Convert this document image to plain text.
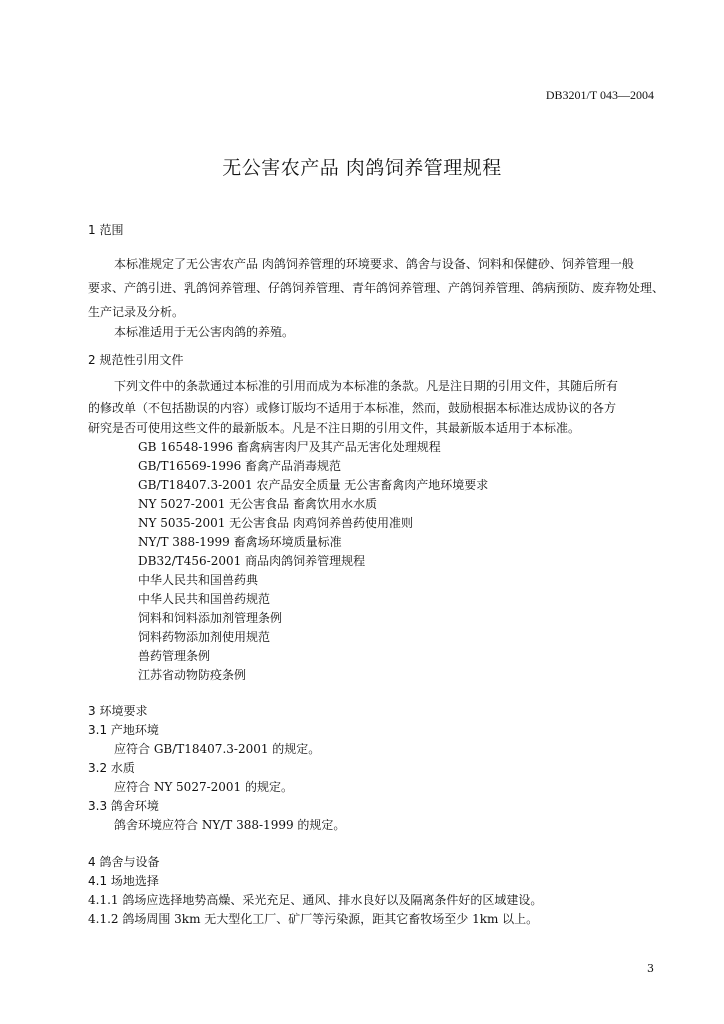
DB3201/T 043—2004
无公害农产品 肉鸽饲养管理规程
1 范围
本标准规定了无公害农产品 肉鸽饲养管理的环境要求、鸽舍与设备、饲料和保健砂、饲养管理一般
要求、产鸽引进、乳鸽饲养管理、仔鸽饲养管理、青年鸽饲养管理、产鸽饲养管理、鸽病预防、废弃物处理、
生产记录及分析。
本标准适用于无公害肉鸽的养殖。
2 规范性引用文件
下列文件中的条款通过本标准的引用而成为本标准的条款。凡是注日期的引用文件，其随后所有
的修改单（不包括勘误的内容）或修订版均不适用于本标准，然而，鼓励根据本标准达成协议的各方
研究是否可使用这些文件的最新版本。凡是不注日期的引用文件，其最新版本适用于本标准。
GB 16548-1996 畜禽病害肉尸及其产品无害化处理规程
GB/T16569-1996 畜禽产品消毒规范
GB/T18407.3-2001 农产品安全质量 无公害畜禽肉产地环境要求
NY 5027-2001 无公害食品 畜禽饮用水水质
NY 5035-2001 无公害食品 肉鸡饲养兽药使用准则
NY/T 388-1999 畜禽场环境质量标准
DB32/T456-2001 商品肉鸽饲养管理规程
中华人民共和国兽药典
中华人民共和国兽药规范
饲料和饲料添加剂管理条例
饲料药物添加剂使用规范
兽药管理条例
江苏省动物防疫条例
3 环境要求
3.1 产地环境
应符合 GB/T18407.3-2001 的规定。
3.2 水质
应符合 NY 5027-2001 的规定。
3.3 鸽舍环境
鸽舍环境应符合 NY/T 388-1999 的规定。
4 鸽舍与设备
4.1 场地选择
4.1.1 鸽场应选择地势高燥、采光充足、通风、排水良好以及隔离条件好的区域建设。
4.1.2 鸽场周围 3km 无大型化工厂、矿厂等污染源，距其它畜牧场至少 1km 以上。
3
